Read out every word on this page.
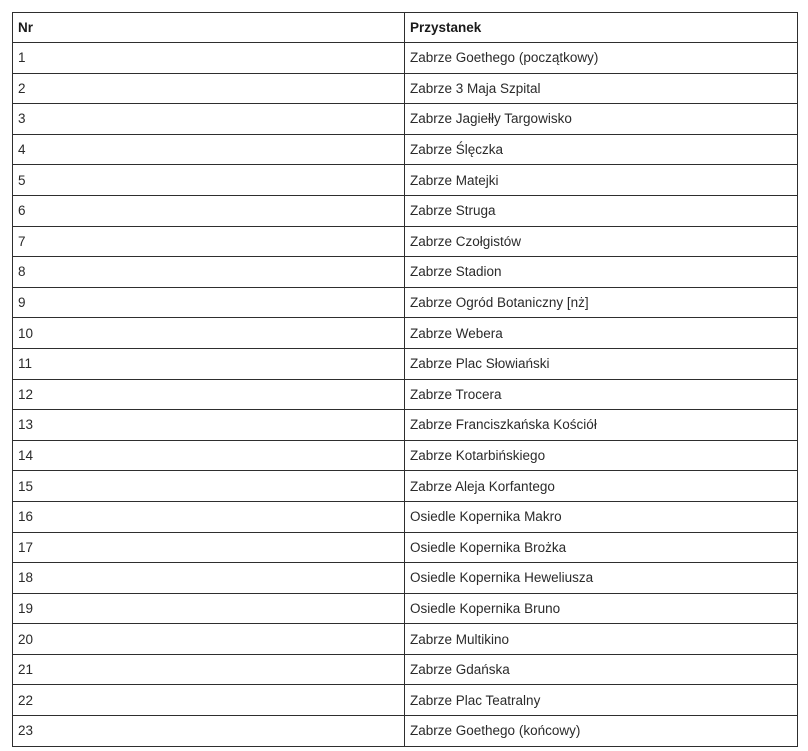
Nr	Przystanek
1	Zabrze Goethego (początkowy)
2	Zabrze 3 Maja Szpital
3	Zabrze Jagiełły Targowisko
4	Zabrze Ślęczka
5	Zabrze Matejki
6	Zabrze Struga
7	Zabrze Czołgistów
8	Zabrze Stadion
9	Zabrze Ogród Botaniczny [nż]
10	Zabrze Webera
11	Zabrze Plac Słowiański
12	Zabrze Trocera
13	Zabrze Franciszkańska Kościół
14	Zabrze Kotarbińskiego
15	Zabrze Aleja Korfantego
16	Osiedle Kopernika Makro
17	Osiedle Kopernika Brożka
18	Osiedle Kopernika Heweliusza
19	Osiedle Kopernika Bruno
20	Zabrze Multikino
21	Zabrze Gdańska
22	Zabrze Plac Teatralny
23	Zabrze Goethego (końcowy)
